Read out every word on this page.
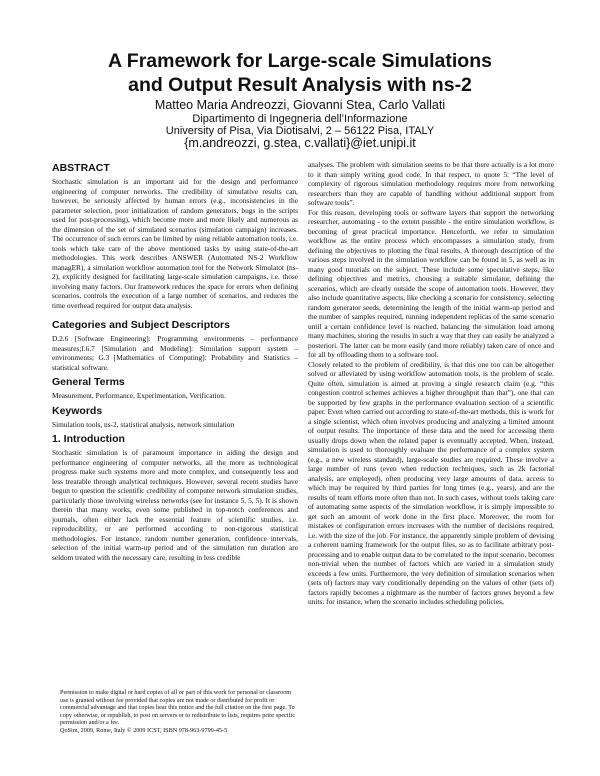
A Framework for Large-scale Simulations
and Output Result Analysis with ns-2
Matteo Maria Andreozzi, Giovanni Stea, Carlo Vallati
Dipartimento di Ingegneria dell’Informazione
University of Pisa, Via Diotisalvi, 2 – 56122 Pisa, ITALY
{m.andreozzi, g.stea, c.vallati}@iet.unipi.it
ABSTRACT

Stochastic simulation is an important aid for the design and performance engineering of computer networks. The credibility of simulative results can, however, be seriously affected by human errors (e.g., inconsistencies in the parameter selection, poor initialization of random generators, bugs in the scripts used for post-processing), which become more and more likely and numerous as the dimension of the set of simulated scenarios (simulation campaign) increases. The occurrence of such errors can be limited by using reliable automation tools, i.e. tools which take care of the above mentioned tasks by using state-of-the-art methodologies. This work describes ANSWER (Automated NS-2 Workflow managER), a simulation workflow automation tool for the Network Simulator (ns-2), explicitly designed for facilitating large-scale simulation campaigns, i.e. those involving many factors. Our framework reduces the space for errors when defining scenarios, controls the execution of a large number of scenarios, and reduces the time overhead required for output data analysis.

Categories and Subject Descriptors

D.2.6 [Software Engineering]: Programming environments – performance measures;I.6.7 [Simulation and Modeling]: Simulation support system – environments; G.3 [Mathematics of Computing]: Probability and Statistics – statistical software.

General Terms

Measurement, Performance, Experimentation, Verification.

Keywords

Simulation tools, ns-2, statistical analysis, network simulation

1. Introduction

Stochastic simulation is of paramount importance in aiding the design and performance engineering of computer networks, all the more as technological progress make such systems more and more complex, and consequently less and less treatable through analytical techniques. However, several recent studies have begun to question the scientific credibility of computer network simulation studies, particularly those involving wireless networks (see for instance 5, 5, 5). It is shown therein that many works, even some published in top-notch conferences and journals, often either lack the essential feature of scientific studies, i.e. reproducibility, or are performed according to non-rigorous statistical methodologies. For instance, random number generation, confidence intervals, selection of the initial warm-up period and of the simulation run duration are seldom treated with the necessary care, resulting in less credible

Permission to make digital or hard copies of all or part of this work for personal or classroom use is granted without fee provided that copies are not made or distributed for profit or commercial advantage and that copies bear this notice and the full citation on the first page. To copy otherwise, or republish, to post on servers or to redistribute to lists, requires prior specific permission and/or a fee.

QoSim, 2009, Rome, Italy © 2009 ICST, ISBN 978-963-9799-45-5

analyses. The problem with simulation seems to be that there actually is a lot more to it than simply writing good code. In that respect, to quote 5: “The level of complexity of rigorous simulation methodology requires more from networking researchers than they are capable of handling without additional support from software tools”.

For this reason, developing tools or software layers that support the networking researcher, automating - to the extent possible - the entire simulation workflow, is becoming of great practical importance. Henceforth, we refer to simulation workflow as the entire process which encompasses a simulation study, from defining the objectives to plotting the final results. A thorough description of the various steps involved in the simulation workflow can be found in 5, as well as in many good tutorials on the subject. These include some speculative steps, like defining objectives and metrics, choosing a suitable simulator, defining the scenarios, which are clearly outside the scope of automation tools. However, they also include quantitative aspects, like checking a scenario for consistency, selecting random generator seeds, determining the length of the initial warm-up period and the number of samples required, running independent replicas of the same scenario until a certain confidence level is reached, balancing the simulation load among many machines, storing the results in such a way that they can easily be analyzed a posteriori. The latter can be more easily (and more reliably) taken care of once and for all by offloading them to a software tool.

Closely related to the problem of credibility, is that this one too can be altogether solved or alleviated by using workflow automation tools, is the problem of scale. Quite often, simulation is aimed at proving a single research claim (e.g. “this congestion control schemes achieves a higher throughput than that”), one that can be supported by few graphs in the performance evaluation section of a scientific paper. Even when carried out according to state-of-the-art methods, this is work for a single scientist, which often involves producing and analyzing a limited amount of output results. The importance of these data and the need for accessing them usually drops down when the related paper is eventually accepted. When, instead, simulation is used to thoroughly evaluate the performance of a complex system (e.g., a new wireless standard), large-scale studies are required. These involve a large number of runs (even when reduction techniques, such as 2k factorial analysis, are employed), often producing very large amounts of data, access to which may be required by third parties for long times (e.g., years), and are the results of team efforts more often than not. In such cases, without tools taking care of automating some aspects of the simulation workflow, it is simply impossible to get such an amount of work done in the first place. Moreover, the room for mistakes or configuration errors increases with the number of decisions required, i.e. with the size of the job. For instance, the apparently simple problem of devising a coherent naming framework for the output files, so as to facilitate arbitrary post-processing and to enable output data to be correlated to the input scenario, becomes non-trivial when the number of factors which are varied in a simulation study exceeds a few units. Furthermore, the very definition of simulation scenarios when (sets of) factors may vary conditionally depending on the values of other (sets of) factors rapidly becomes a nightmare as the number of factors grows beyond a few units: for instance, when the scenario includes scheduling policies,
